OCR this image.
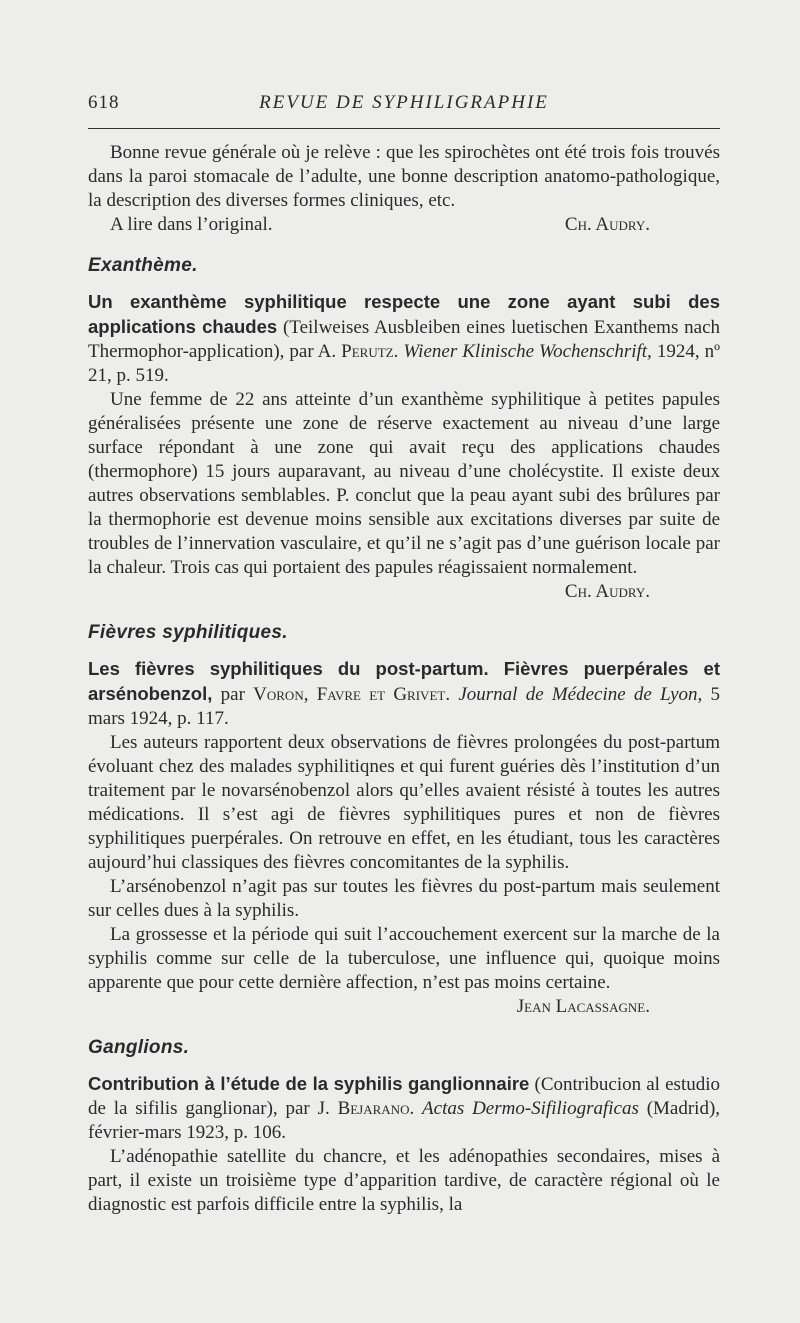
618	REVUE DE SYPHILIGRAPHIE

Bonne revue générale où je relève : que les spirochètes ont été trois fois trouvés dans la paroi stomacale de l’adulte, une bonne description anatomo-pathologique, la description des diverses formes cliniques, etc.

A lire dans l’original.	Ch. Audry.

Exanthème.

Un exanthème syphilitique respecte une zone ayant subi des applications chaudes (Teilweises Ausbleiben eines luetischen Exanthems nach Thermophor-application), par A. Perutz. Wiener Klinische Wochenschrift, 1924, nº 21, p. 519.

Une femme de 22 ans atteinte d’un exanthème syphilitique à petites papules généralisées présente une zone de réserve exactement au niveau d’une large surface répondant à une zone qui avait reçu des applications chaudes (thermophore) 15 jours auparavant, au niveau d’une cholécystite. Il existe deux autres observations semblables. P. conclut que la peau ayant subi des brûlures par la thermophorie est devenue moins sensible aux excitations diverses par suite de troubles de l’innervation vasculaire, et qu’il ne s’agit pas d’une guérison locale par la chaleur. Trois cas qui portaient des papules réagissaient normalement.
Ch. Audry.

Fièvres syphilitiques.

Les fièvres syphilitiques du post-partum. Fièvres puerpérales et arsénobenzol, par Voron, Favre et Grivet. Journal de Médecine de Lyon, 5 mars 1924, p. 117.

Les auteurs rapportent deux observations de fièvres prolongées du post-partum évoluant chez des malades syphilitiqnes et qui furent guéries dès l’institution d’un traitement par le novarsénobenzol alors qu’elles avaient résisté à toutes les autres médications. Il s’est agi de fièvres syphilitiques pures et non de fièvres syphilitiques puerpérales. On retrouve en effet, en les étudiant, tous les caractères aujourd’hui classiques des fièvres concomitantes de la syphilis.

L’arsénobenzol n’agit pas sur toutes les fièvres du post-partum mais seulement sur celles dues à la syphilis.

La grossesse et la période qui suit l’accouchement exercent sur la marche de la syphilis comme sur celle de la tuberculose, une influence qui, quoique moins apparente que pour cette dernière affection, n’est pas moins certaine.
Jean Lacassagne.

Ganglions.

Contribution à l’étude de la syphilis ganglionnaire (Contribucion al estudio de la sifilis ganglionar), par J. Bejarano. Actas Dermo-Sifiliograficas (Madrid), février-mars 1923, p. 106.

L’adénopathie satellite du chancre, et les adénopathies secondaires, mises à part, il existe un troisième type d’apparition tardive, de caractère régional où le diagnostic est parfois difficile entre la syphilis, la
